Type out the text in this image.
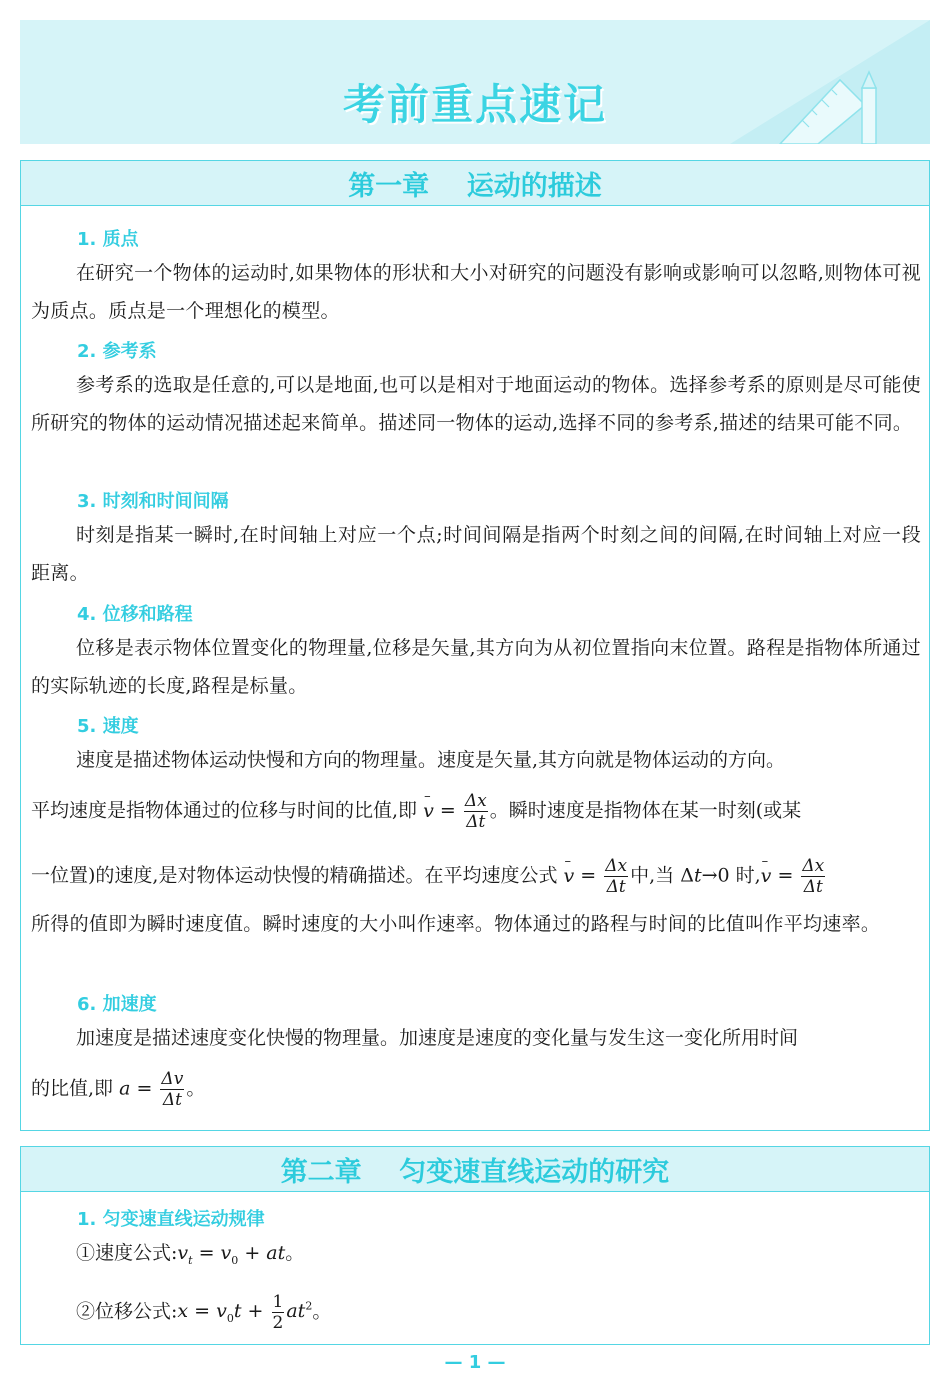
考前重点速记
第一章    运动的描述
1. 质点
在研究一个物体的运动时,如果物体的形状和大小对研究的问题没有影响或影响可以忽略,则物体可视为质点。质点是一个理想化的模型。
2. 参考系
参考系的选取是任意的,可以是地面,也可以是相对于地面运动的物体。选择参考系的原则是尽可能使所研究的物体的运动情况描述起来简单。描述同一物体的运动,选择不同的参考系,描述的结果可能不同。
3. 时刻和时间间隔
时刻是指某一瞬时,在时间轴上对应一个点;时间间隔是指两个时刻之间的间隔,在时间轴上对应一段距离。
4. 位移和路程
位移是表示物体位置变化的物理量,位移是矢量,其方向为从初位置指向末位置。路程是指物体所通过的实际轨迹的长度,路程是标量。
5. 速度
速度是描述物体运动快慢和方向的物理量。速度是矢量,其方向就是物体运动的方向。
平均速度是指物体通过的位移与时间的比值,即 – $v = \frac{\Delta x}{\Delta t}$ 。瞬时速度是指物体在某一时刻(或某
一位置)的速度,是对物体运动快慢的精确描述。在平均速度公式 – $v = \frac{\Delta x}{\Delta t}$ 中,当 Δt→0 时,– $v = \frac{\Delta x}{\Delta t}$
所得的值即为瞬时速度值。瞬时速度的大小叫作速率。物体通过的路程与时间的比值叫作平均速率。
6. 加速度
加速度是描述速度变化快慢的物理量。加速度是速度的变化量与发生这一变化所用时间
的比值,即 $a = \frac{\Delta v}{\Delta t}$ 。
第二章    匀变速直线运动的研究
1. 匀变速直线运动规律
①速度公式$:v_t = v_0$ + at。
②位移公式:x = $v_0t + \frac{1}{2} at^2$。
— 1 —
